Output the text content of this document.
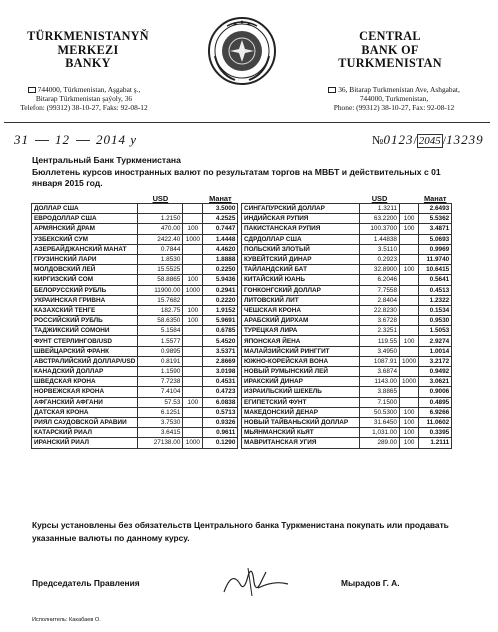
TÜRKMENISTANYŇ
MERKEZI
BANKY
744000, Türkmenistan, Aşgabat ş.,
Bitarap Türkmenistan şaýoly, 36
Telefon: (99312) 38-10-27, Faks: 92-08-12
CENTRAL
BANK OF
TURKMENISTAN
36, Bitarap Turkmenistan Ave, Ashgabat,
744000, Turkmenistan,
Phone: (99312) 38-10-27, Fax: 92-08-12
31 12 2014 y	№0123/ 2045 /13239
Центральный Банк Туркменистана
Бюллетень курсов иностранных валют по результатам торгов на МВБТ и действительных с 01 января 2015 год.
	USD		Манат
ДОЛЛАР США			3.5000
ЕВРОДОЛЛАР США	1.2150		4.2525
АРМЯНСКИЙ ДРАМ	470.00	100	0.7447
УЗБЕКСКИЙ СУМ	2422.40	1000	1.4448
АЗЕРБАЙДЖАНСКИЙ МАНАТ	0.7844		4.4620
ГРУЗИНСКИЙ ЛАРИ	1.8530		1.8888
МОЛДОВСКИЙ ЛЕЙ	15.5525		0.2250
КИРГИЗСКИЙ СОМ	58.8865	100	5.9436
БЕЛОРУССКИЙ РУБЛЬ	11900.00	1000	0.2941
УКРАИНСКАЯ ГРИВНА	15.7682		0.2220
КАЗАХСКИЙ ТЕНГЕ	182.75	100	1.9152
РОССИЙСКИЙ РУБЛЬ	58.6350	100	5.9691
ТАДЖИКСКИЙ СОМОНИ	5.1584		0.6785
ФУНТ СТЕРЛИНГОВ/USD	1.5577		5.4520
ШВЕЙЦАРСКИЙ ФРАНК	0.9895		3.5371
АВСТРАЛИЙСКИЙ ДОЛЛАР/USD	0.8191		2.8669
КАНАДСКИЙ ДОЛЛАР	1.1590		3.0198
ШВЕДСКАЯ КРОНА	7.7238		0.4531
НОРВЕЖСКАЯ КРОНА	7.4104		0.4723
АФГАНСКИЙ АФГАНИ	57.53	100	6.0838
ДАТСКАЯ КРОНА	6.1251		0.5713
РИЯЛ САУДОВСКОЙ АРАВИИ	3.7530		0.9326
КАТАРСКИЙ РИАЛ	3.6415		0.9611
ИРАНСКИЙ РИАЛ	27138.00	1000	0.1290
	USD		Манат
СИНГАПУРСКИЙ ДОЛЛАР	1.3211		2.6493
ИНДИЙСКАЯ РУПИЯ	63.2200	100	5.5362
ПАКИСТАНСКАЯ РУПИЯ	100.3700	100	3.4871
СДРДОЛЛАР США	1.44838		5.0693
ПОЛЬСКИЙ ЗЛОТЫЙ	3.5110		0.9969
КУВЕЙТСКИЙ ДИНАР	0.2923		11.9740
ТАЙЛАНДСКИЙ БАТ	32.8900	100	10.6415
КИТАЙСКИЙ ЮАНЬ	6.2046		0.5641
ГОНКОНГСКИЙ ДОЛЛАР	7.7558		0.4513
ЛИТОВСКИЙ ЛИТ	2.8404		1.2322
ЧЕШСКАЯ КРОНА	22.8230		0.1534
АРАБСКИЙ ДИРХАМ	3.6728		0.9530
ТУРЕЦКАЯ ЛИРА	2.3251		1.5053
ЯПОНСКАЯ ЙЕНА	119.55	100	2.9274
МАЛАЙЗИЙСКИЙ РИНГГИТ	3.4950		1.0014
ЮЖНО-КОРЕЙСКАЯ ВОНА	1087.91	1000	3.2172
НОВЫЙ РУМЫНСКИЙ ЛЕЙ	3.6874		0.9492
ИРАКСКИЙ ДИНАР	1143.00	1000	3.0621
ИЗРАИЛЬСКИЙ ШЕКЕЛЬ	3.8865		0.9006
ЕГИПЕТСКИЙ ФУНТ	7.1500		0.4895
МАКЕДОНСКИЙ ДЕНАР	50.5300	100	6.9266
НОВЫЙ ТАЙВАНЬСКИЙ ДОЛЛАР	31.6450	100	11.0602
МЬЯНМАНСКИЙ КЬЯТ	1,031.00	100	0.3395
МАВРИТАНСКАЯ УГИЯ	289.00	100	1.2111
Курсы установлены без обязательств Центрального банка Туркменистана покупать или продавать указанные валюты по данному курсу.
Председатель Правления	Мырадов Г. А.
Исполнитель: Какабаев О.
